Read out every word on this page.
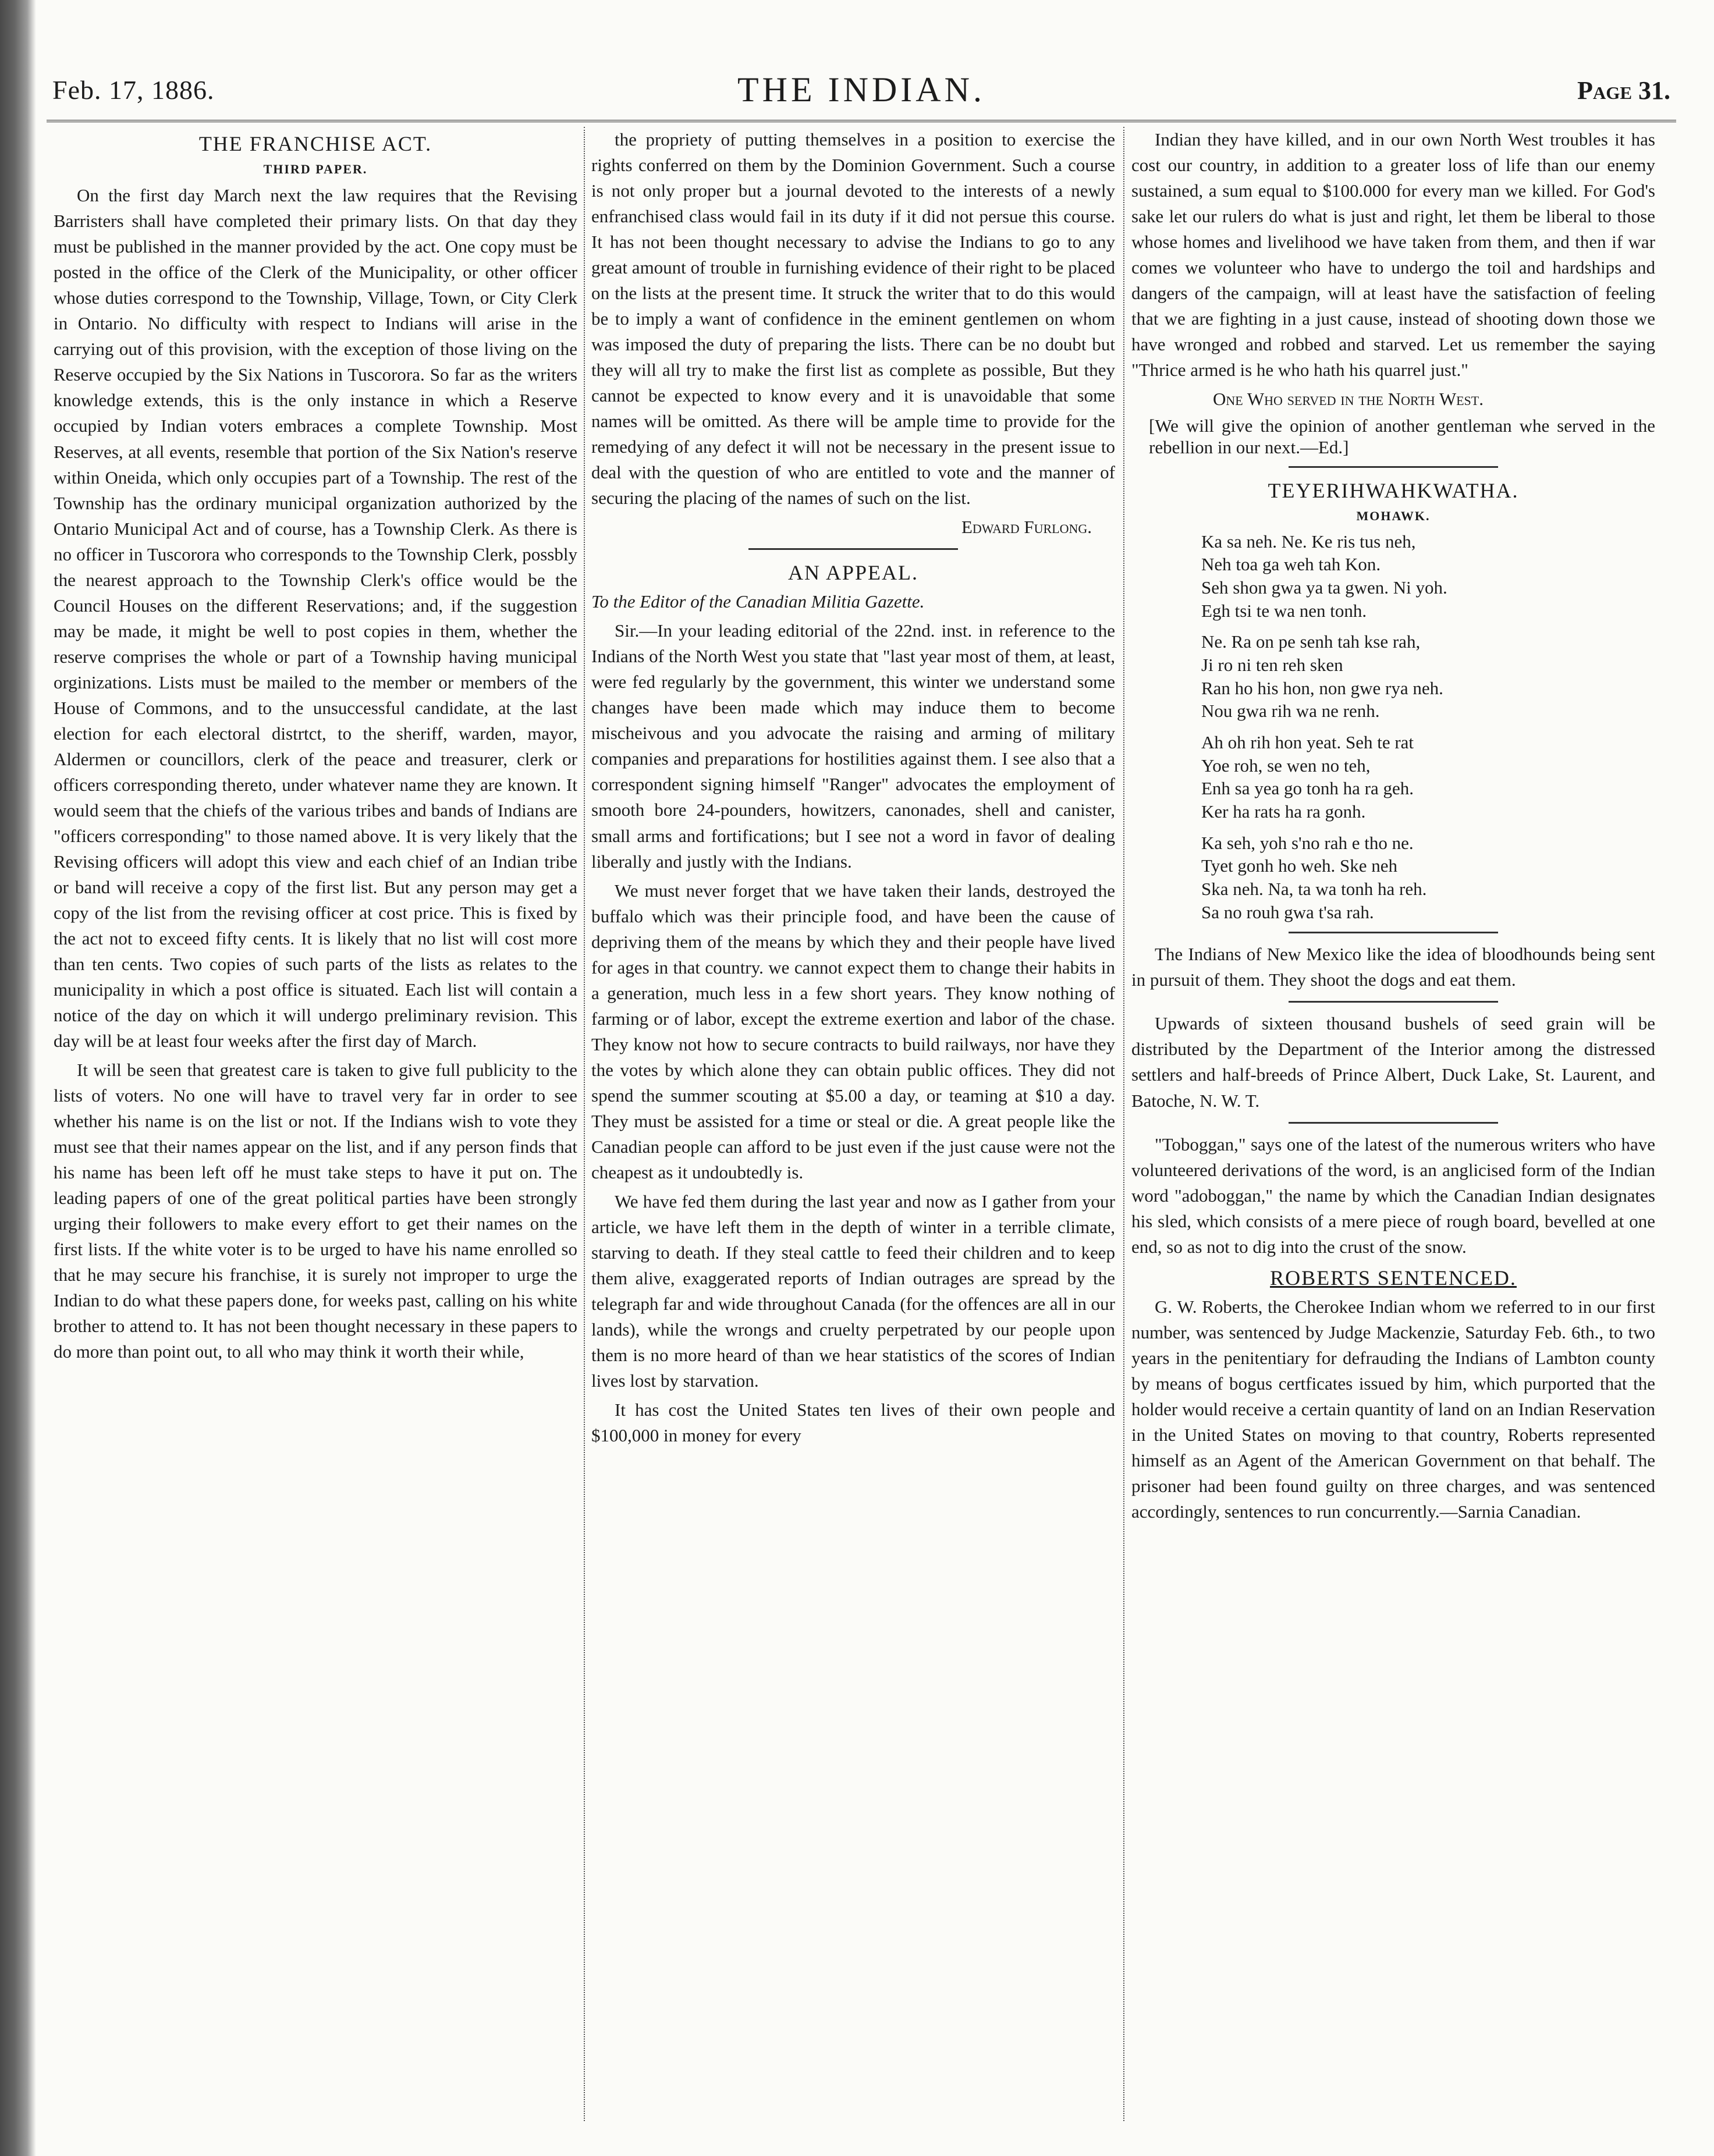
Feb. 17, 1886.	THE INDIAN.	Page 31.
THE FRANCHISE ACT.
THIRD PAPER.

On the first day March next the law requires that the Revising Barristers shall have completed their primary lists. On that day they must be published in the manner provided by the act. One copy must be posted in the office of the Clerk of the Municipality, or other officer whose duties correspond to the Township, Village, Town, or City Clerk in Ontario. No difficulty with respect to Indians will arise in the carrying out of this provision, with the exception of those living on the Reserve occupied by the Six Nations in Tuscorora. So far as the writers knowledge extends, this is the only instance in which a Reserve occupied by Indian voters embraces a complete Township. Most Reserves, at all events, resemble that portion of the Six Nation's reserve within Oneida, which only occupies part of a Township. The rest of the Township has the ordinary municipal organization authorized by the Ontario Municipal Act and of course, has a Township Clerk. As there is no officer in Tuscorora who corresponds to the Township Clerk, possbly the nearest approach to the Township Clerk's office would be the Council Houses on the different Reservations; and, if the suggestion may be made, it might be well to post copies in them, whether the reserve comprises the whole or part of a Township having municipal orginizations. Lists must be mailed to the member or members of the House of Commons, and to the unsuccessful candidate, at the last election for each electoral distrtct, to the sheriff, warden, mayor, Aldermen or councillors, clerk of the peace and treasurer, clerk or officers corresponding thereto, under whatever name they are known. It would seem that the chiefs of the various tribes and bands of Indians are "officers corresponding" to those named above. It is very likely that the Revising officers will adopt this view and each chief of an Indian tribe or band will receive a copy of the first list. But any person may get a copy of the list from the revising officer at cost price. This is fixed by the act not to exceed fifty cents. It is likely that no list will cost more than ten cents. Two copies of such parts of the lists as relates to the municipality in which a post office is situated. Each list will contain a notice of the day on which it will undergo preliminary revision. This day will be at least four weeks after the first day of March.

It will be seen that greatest care is taken to give full publicity to the lists of voters. No one will have to travel very far in order to see whether his name is on the list or not. If the Indians wish to vote they must see that their names appear on the list, and if any person finds that his name has been left off he must take steps to have it put on. The leading papers of one of the great political parties have been strongly urging their followers to make every effort to get their names on the first lists. If the white voter is to be urged to have his name enrolled so that he may secure his franchise, it is surely not improper to urge the Indian to do what these papers done, for weeks past, calling on his white brother to attend to. It has not been thought necessary in these papers to do more than point out, to all who may think it worth their while,

the propriety of putting themselves in a position to exercise the rights conferred on them by the Dominion Government. Such a course is not only proper but a journal devoted to the interests of a newly enfranchised class would fail in its duty if it did not persue this course. It has not been thought necessary to advise the Indians to go to any great amount of trouble in furnishing evidence of their right to be placed on the lists at the present time. It struck the writer that to do this would be to imply a want of confidence in the eminent gentlemen on whom was imposed the duty of preparing the lists. There can be no doubt but they will all try to make the first list as complete as possible, But they cannot be expected to know every and it is unavoidable that some names will be omitted. As there will be ample time to provide for the remedying of any defect it will not be necessary in the present issue to deal with the question of who are entitled to vote and the manner of securing the placing of the names of such on the list.

Edward Furlong.
AN APPEAL.

To the Editor of the Canadian Militia Gazette.

Sir.—In your leading editorial of the 22nd. inst. in reference to the Indians of the North West you state that "last year most of them, at least, were fed regularly by the government, this winter we understand some changes have been made which may induce them to become mischeivous and you advocate the raising and arming of military companies and preparations for hostilities against them. I see also that a correspondent signing himself "Ranger" advocates the employment of smooth bore 24-pounders, howitzers, canonades, shell and canister, small arms and fortifications; but I see not a word in favor of dealing liberally and justly with the Indians.

We must never forget that we have taken their lands, destroyed the buffalo which was their principle food, and have been the cause of depriving them of the means by which they and their people have lived for ages in that country. we cannot expect them to change their habits in a generation, much less in a few short years. They know nothing of farming or of labor, except the extreme exertion and labor of the chase. They know not how to secure contracts to build railways, nor have they the votes by which alone they can obtain public offices. They did not spend the summer scouting at $5.00 a day, or teaming at $10 a day. They must be assisted for a time or steal or die. A great people like the Canadian people can afford to be just even if the just cause were not the cheapest as it undoubtedly is.

We have fed them during the last year and now as I gather from your article, we have left them in the depth of winter in a terrible climate, starving to death. If they steal cattle to feed their children and to keep them alive, exaggerated reports of Indian outrages are spread by the telegraph far and wide throughout Canada (for the offences are all in our lands), while the wrongs and cruelty perpetrated by our people upon them is no more heard of than we hear statistics of the scores of Indian lives lost by starvation.

It has cost the United States ten lives of their own people and $100,000 in money for every

Indian they have killed, and in our own North West troubles it has cost our country, in addition to a greater loss of life than our enemy sustained, a sum equal to $100.000 for every man we killed. For God's sake let our rulers do what is just and right, let them be liberal to those whose homes and livelihood we have taken from them, and then if war comes we volunteer who have to undergo the toil and hardships and dangers of the campaign, will at least have the satisfaction of feeling that we are fighting in a just cause, instead of shooting down those we have wronged and robbed and starved. Let us remember the saying "Thrice armed is he who hath his quarrel just."

One Who served in the North West.

[We will give the opinion of another gentleman whe served in the rebellion in our next.—Ed.]

TEYERIHWAHKWATHA.
MOHAWK.
Ka sa neh. Ne. Ke ris tus neh,
Neh toa ga weh tah Kon.
Seh shon gwa ya ta gwen. Ni yoh.
Egh tsi te wa nen tonh.
Ne. Ra on pe senh tah kse rah,
Ji ro ni ten reh sken
Ran ho his hon, non gwe rya neh.
Nou gwa rih wa ne renh.
Ah oh rih hon yeat. Seh te rat
Yoe roh, se wen no teh,
Enh sa yea go tonh ha ra geh.
Ker ha rats ha ra gonh.
Ka seh, yoh s'no rah e tho ne.
Tyet gonh ho weh. Ske neh
Ska neh. Na, ta wa tonh ha reh.
Sa no rouh gwa t'sa rah.

The Indians of New Mexico like the idea of bloodhounds being sent in pursuit of them. They shoot the dogs and eat them.

Upwards of sixteen thousand bushels of seed grain will be distributed by the Department of the Interior among the distressed settlers and half-breeds of Prince Albert, Duck Lake, St. Laurent, and Batoche, N. W. T.

"Toboggan," says one of the latest of the numerous writers who have volunteered derivations of the word, is an anglicised form of the Indian word "adoboggan," the name by which the Canadian Indian designates his sled, which consists of a mere piece of rough board, bevelled at one end, so as not to dig into the crust of the snow.

ROBERTS SENTENCED.

G. W. Roberts, the Cherokee Indian whom we referred to in our first number, was sentenced by Judge Mackenzie, Saturday Feb. 6th., to two years in the penitentiary for defrauding the Indians of Lambton county by means of bogus certficates issued by him, which purported that the holder would receive a certain quantity of land on an Indian Reservation in the United States on moving to that country, Roberts represented himself as an Agent of the American Government on that behalf. The prisoner had been found guilty on three charges, and was sentenced accordingly, sentences to run concurrently.—Sarnia Canadian.
